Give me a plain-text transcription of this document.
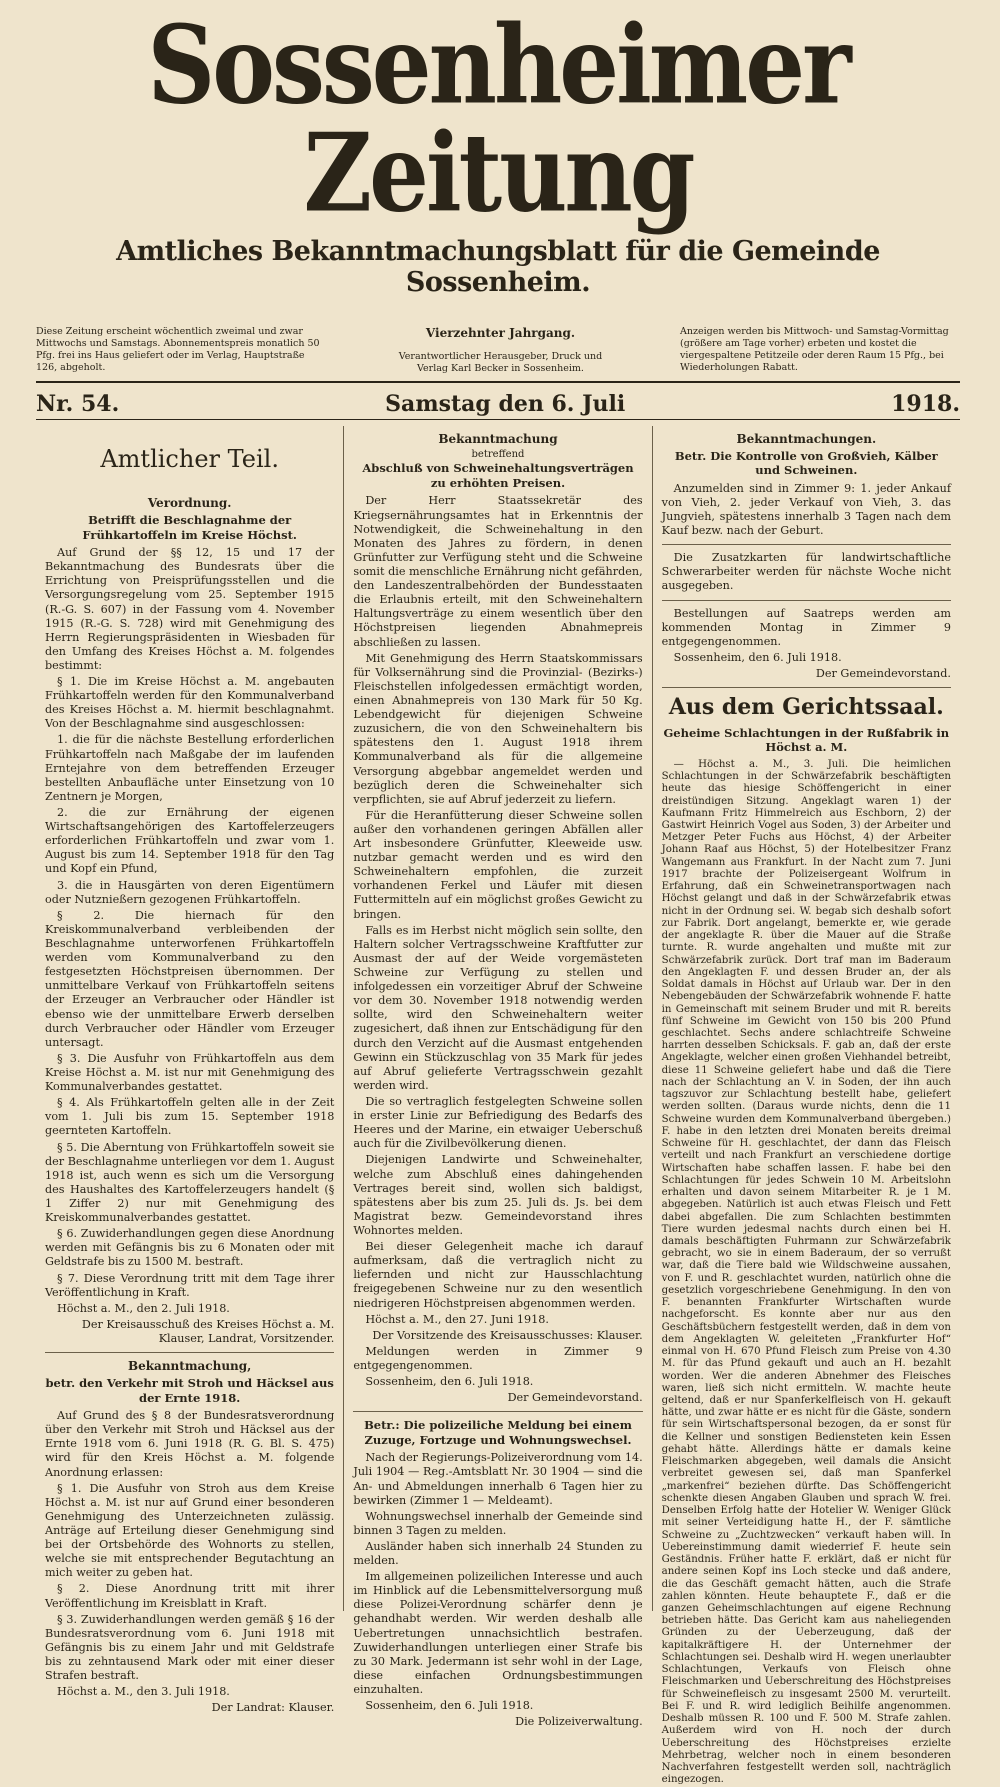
Sossenheimer Zeitung
Amtliches Bekanntmachungsblatt für die Gemeinde Sossenheim.
Diese Zeitung erscheint wöchentlich zweimal und zwar Mittwochs und Samstags. Abonnementspreis monatlich 50 Pfg. frei ins Haus geliefert oder im Verlag, Hauptstraße 126, abgeholt.
Vierzehnter Jahrgang.
Verantwortlicher Herausgeber, Druck und Verlag Karl Becker in Sossenheim.
Anzeigen werden bis Mittwoch- und Samstag-Vormittag (größere am Tage vorher) erbeten und kostet die viergespaltene Petitzeile oder deren Raum 15 Pfg., bei Wiederholungen Rabatt.
Nr. 54.	Samstag den 6. Juli	1918.
Amtlicher Teil.
Verordnung.
Betrifft die Beschlagnahme der Frühkartoffeln im Kreise Höchst.

Auf Grund der §§ 12, 15 und 17 der Bekanntmachung des Bundesrats über die Errichtung von Preisprüfungsstellen und die Versorgungsregelung vom 25. September 1915 (R.-G. S. 607) in der Fassung vom 4. November 1915 (R.-G. S. 728) wird mit Genehmigung des Herrn Regierungspräsidenten in Wiesbaden für den Umfang des Kreises Höchst a. M. folgendes bestimmt:

§ 1. Die im Kreise Höchst a. M. angebauten Frühkartoffeln werden für den Kommunalverband des Kreises Höchst a. M. hiermit beschlagnahmt. Von der Beschlagnahme sind ausgeschlossen:

1. die für die nächste Bestellung erforderlichen Frühkartoffeln nach Maßgabe der im laufenden Erntejahre von dem betreffenden Erzeuger bestellten Anbaufläche unter Einsetzung von 10 Zentnern je Morgen,

2. die zur Ernährung der eigenen Wirtschaftsangehörigen des Kartoffelerzeugers erforderlichen Frühkartoffeln und zwar vom 1. August bis zum 14. September 1918 für den Tag und Kopf ein Pfund,

3. die in Hausgärten von deren Eigentümern oder Nutznießern gezogenen Frühkartoffeln.

§ 2. Die hiernach für den Kreiskommunalverband verbleibenden der Beschlagnahme unterworfenen Frühkartoffeln werden vom Kommunalverband zu den festgesetzten Höchstpreisen übernommen. Der unmittelbare Verkauf von Frühkartoffeln seitens der Erzeuger an Verbraucher oder Händler ist ebenso wie der unmittelbare Erwerb derselben durch Verbraucher oder Händler vom Erzeuger untersagt.

§ 3. Die Ausfuhr von Frühkartoffeln aus dem Kreise Höchst a. M. ist nur mit Genehmigung des Kommunalverbandes gestattet.

§ 4. Als Frühkartoffeln gelten alle in der Zeit vom 1. Juli bis zum 15. September 1918 geernteten Kartoffeln.

§ 5. Die Aberntung von Frühkartoffeln soweit sie der Beschlagnahme unterliegen vor dem 1. August 1918 ist, auch wenn es sich um die Versorgung des Haushaltes des Kartoffelerzeugers handelt (§ 1 Ziffer 2) nur mit Genehmigung des Kreiskommunalverbandes gestattet.

§ 6. Zuwiderhandlungen gegen diese Anordnung werden mit Gefängnis bis zu 6 Monaten oder mit Geldstrafe bis zu 1500 M. bestraft.

§ 7. Diese Verordnung tritt mit dem Tage ihrer Veröffentlichung in Kraft.

Höchst a. M., den 2. Juli 1918.

Der Kreisausschuß des Kreises Höchst a. M. Klauser, Landrat, Vorsitzender.

Bekanntmachung,
betr. den Verkehr mit Stroh und Häcksel aus der Ernte 1918.

Auf Grund des § 8 der Bundesratsverordnung über den Verkehr mit Stroh und Häcksel aus der Ernte 1918 vom 6. Juni 1918 (R. G. Bl. S. 475) wird für den Kreis Höchst a. M. folgende Anordnung erlassen:

§ 1. Die Ausfuhr von Stroh aus dem Kreise Höchst a. M. ist nur auf Grund einer besonderen Genehmigung des Unterzeichneten zulässig. Anträge auf Erteilung dieser Genehmigung sind bei der Ortsbehörde des Wohnorts zu stellen, welche sie mit entsprechender Begutachtung an mich weiter zu geben hat.

§ 2. Diese Anordnung tritt mit ihrer Veröffentlichung im Kreisblatt in Kraft.

§ 3. Zuwiderhandlungen werden gemäß § 16 der Bundesratsverordnung vom 6. Juni 1918 mit Gefängnis bis zu einem Jahr und mit Geldstrafe bis zu zehntausend Mark oder mit einer dieser Strafen bestraft.

Höchst a. M., den 3. Juli 1918.

Der Landrat: Klauser.

Bekanntmachung
betreffend
Abschluß von Schweinehaltungsverträgen zu erhöhten Preisen.

Der Herr Staatssekretär des Kriegsernährungsamtes hat in Erkenntnis der Notwendigkeit, die Schweinehaltung in den Monaten des Jahres zu fördern, in denen Grünfutter zur Verfügung steht und die Schweine somit die menschliche Ernährung nicht gefährden, den Landeszentralbehörden der Bundesstaaten die Erlaubnis erteilt, mit den Schweinehaltern Haltungsverträge zu einem wesentlich über den Höchstpreisen liegenden Abnahmepreis abschließen zu lassen.

Mit Genehmigung des Herrn Staatskommissars für Volksernährung sind die Provinzial- (Bezirks-) Fleischstellen infolgedessen ermächtigt worden, einen Abnahmepreis von 130 Mark für 50 Kg. Lebendgewicht für diejenigen Schweine zuzusichern, die von den Schweinehaltern bis spätestens den 1. August 1918 ihrem Kommunalverband als für die allgemeine Versorgung abgebbar angemeldet werden und bezüglich deren die Schweinehalter sich verpflichten, sie auf Abruf jederzeit zu liefern.

Für die Heranfütterung dieser Schweine sollen außer den vorhandenen geringen Abfällen aller Art insbesondere Grünfutter, Kleeweide usw. nutzbar gemacht werden und es wird den Schweinehaltern empfohlen, die zurzeit vorhandenen Ferkel und Läufer mit diesen Futtermitteln auf ein möglichst großes Gewicht zu bringen.

Falls es im Herbst nicht möglich sein sollte, den Haltern solcher Vertragsschweine Kraftfutter zur Ausmast der auf der Weide vorgemästeten Schweine zur Verfügung zu stellen und infolgedessen ein vorzeitiger Abruf der Schweine vor dem 30. November 1918 notwendig werden sollte, wird den Schweinehaltern weiter zugesichert, daß ihnen zur Entschädigung für den durch den Verzicht auf die Ausmast entgehenden Gewinn ein Stückzuschlag von 35 Mark für jedes auf Abruf gelieferte Vertragsschwein gezahlt werden wird.

Die so vertraglich festgelegten Schweine sollen in erster Linie zur Befriedigung des Bedarfs des Heeres und der Marine, ein etwaiger Ueberschuß auch für die Zivilbevölkerung dienen.

Diejenigen Landwirte und Schweinehalter, welche zum Abschluß eines dahingehenden Vertrages bereit sind, wollen sich baldigst, spätestens aber bis zum 25. Juli ds. Js. bei dem Magistrat bezw. Gemeindevorstand ihres Wohnortes melden.

Bei dieser Gelegenheit mache ich darauf aufmerksam, daß die vertraglich nicht zu liefernden und nicht zur Hausschlachtung freigegebenen Schweine nur zu den wesentlich niedrigeren Höchstpreisen abgenommen werden.

Höchst a. M., den 27. Juni 1918.

Der Vorsitzende des Kreisausschusses: Klauser.

Meldungen werden in Zimmer 9 entgegengenommen.

Sossenheim, den 6. Juli 1918.

Der Gemeindevorstand.

Betr.: Die polizeiliche Meldung bei einem Zuzuge, Fortzuge und Wohnungswechsel.

Nach der Regierungs-Polizeiverordnung vom 14. Juli 1904 — Reg.-Amtsblatt Nr. 30 1904 — sind die An- und Abmeldungen innerhalb 6 Tagen hier zu bewirken (Zimmer 1 — Meldeamt).

Wohnungswechsel innerhalb der Gemeinde sind binnen 3 Tagen zu melden.

Ausländer haben sich innerhalb 24 Stunden zu melden.

Im allgemeinen polizeilichen Interesse und auch im Hinblick auf die Lebensmittelversorgung muß diese Polizei-Verordnung schärfer denn je gehandhabt werden. Wir werden deshalb alle Uebertretungen unnachsichtlich bestrafen. Zuwiderhandlungen unterliegen einer Strafe bis zu 30 Mark. Jedermann ist sehr wohl in der Lage, diese einfachen Ordnungsbestimmungen einzuhalten.

Sossenheim, den 6. Juli 1918.

Die Polizeiverwaltung.

Bekanntmachungen.
Betr. Die Kontrolle von Großvieh, Kälber und Schweinen.

Anzumelden sind in Zimmer 9: 1. jeder Ankauf von Vieh, 2. jeder Verkauf von Vieh, 3. das Jungvieh, spätestens innerhalb 3 Tagen nach dem Kauf bezw. nach der Geburt.

Die Zusatzkarten für landwirtschaftliche Schwerarbeiter werden für nächste Woche nicht ausgegeben.

Bestellungen auf Saatreps werden am kommenden Montag in Zimmer 9 entgegengenommen.

Sossenheim, den 6. Juli 1918.

Der Gemeindevorstand.

Aus dem Gerichtssaal.
Geheime Schlachtungen in der Rußfabrik in Höchst a. M.

— Höchst a. M., 3. Juli. Die heimlichen Schlachtungen in der Schwärzefabrik beschäftigten heute das hiesige Schöffengericht in einer dreistündigen Sitzung. Angeklagt waren 1) der Kaufmann Fritz Himmelreich aus Eschborn, 2) der Gastwirt Heinrich Vogel aus Soden, 3) der Arbeiter und Metzger Peter Fuchs aus Höchst, 4) der Arbeiter Johann Raaf aus Höchst, 5) der Hotelbesitzer Franz Wangemann aus Frankfurt. In der Nacht zum 7. Juni 1917 brachte der Polizeisergeant Wolfrum in Erfahrung, daß ein Schweinetransportwagen nach Höchst gelangt und daß in der Schwärzefabrik etwas nicht in der Ordnung sei. W. begab sich deshalb sofort zur Fabrik. Dort angelangt, bemerkte er, wie gerade der angeklagte R. über die Mauer auf die Straße turnte. R. wurde angehalten und mußte mit zur Schwärzefabrik zurück. Dort traf man im Baderaum den Angeklagten F. und dessen Bruder an, der als Soldat damals in Höchst auf Urlaub war. Der in den Nebengebäuden der Schwärzefabrik wohnende F. hatte in Gemeinschaft mit seinem Bruder und mit R. bereits fünf Schweine im Gewicht von 150 bis 200 Pfund geschlachtet. Sechs andere schlachtreife Schweine harrten desselben Schicksals. F. gab an, daß der erste Angeklagte, welcher einen großen Viehhandel betreibt, diese 11 Schweine geliefert habe und daß die Tiere nach der Schlachtung an V. in Soden, der ihn auch tagszuvor zur Schlachtung bestellt habe, geliefert werden sollten. (Daraus wurde nichts, denn die 11 Schweine wurden dem Kommunalverband übergeben.) F. habe in den letzten drei Monaten bereits dreimal Schweine für H. geschlachtet, der dann das Fleisch verteilt und nach Frankfurt an verschiedene dortige Wirtschaften habe schaffen lassen. F. habe bei den Schlachtungen für jedes Schwein 10 M. Arbeitslohn erhalten und davon seinem Mitarbeiter R. je 1 M. abgegeben. Natürlich ist auch etwas Fleisch und Fett dabei abgefallen. Die zum Schlachten bestimmten Tiere wurden jedesmal nachts durch einen bei H. damals beschäftigten Fuhrmann zur Schwärzefabrik gebracht, wo sie in einem Baderaum, der so verrußt war, daß die Tiere bald wie Wildschweine aussahen, von F. und R. geschlachtet wurden, natürlich ohne die gesetzlich vorgeschriebene Genehmigung. In den von F. benannten Frankfurter Wirtschaften wurde nachgeforscht. Es konnte aber nur aus den Geschäftsbüchern festgestellt werden, daß in dem von dem Angeklagten W. geleiteten „Frankfurter Hof“ einmal von H. 670 Pfund Fleisch zum Preise von 4.30 M. für das Pfund gekauft und auch an H. bezahlt worden. Wer die anderen Abnehmer des Fleisches waren, ließ sich nicht ermitteln. W. machte heute geltend, daß er nur Spanferkelfleisch von H. gekauft hätte, und zwar hätte er es nicht für die Gäste, sondern für sein Wirtschaftspersonal bezogen, da er sonst für die Kellner und sonstigen Bediensteten kein Essen gehabt hätte. Allerdings hätte er damals keine Fleischmarken abgegeben, weil damals die Ansicht verbreitet gewesen sei, daß man Spanferkel „markenfrei“ beziehen dürfte. Das Schöffengericht schenkte diesen Angaben Glauben und sprach W. frei. Denselben Erfolg hatte der Hotelier W. Weniger Glück mit seiner Verteidigung hatte H., der F. sämtliche Schweine zu „Zuchtzwecken“ verkauft haben will. In Uebereinstimmung damit wiederrief F. heute sein Geständnis. Früher hatte F. erklärt, daß er nicht für andere seinen Kopf ins Loch stecke und daß andere, die das Geschäft gemacht hätten, auch die Strafe zahlen könnten. Heute behauptete F., daß er die ganzen Geheimschlachtungen auf eigene Rechnung betrieben hätte. Das Gericht kam aus naheliegenden Gründen zu der Ueberzeugung, daß der kapitalkräftigere H. der Unternehmer der Schlachtungen sei. Deshalb wird H. wegen unerlaubter Schlachtungen, Verkaufs von Fleisch ohne Fleischmarken und Ueberschreitung des Höchstpreises für Schweinefleisch zu insgesamt 2500 M. verurteilt. Bei F. und R. wird lediglich Beihilfe angenommen. Deshalb müssen R. 100 und F. 500 M. Strafe zahlen. Außerdem wird von H. noch der durch Ueberschreitung des Höchstpreises erzielte Mehrbetrag, welcher noch in einem besonderen Nachverfahren festgestellt werden soll, nachträglich eingezogen.
